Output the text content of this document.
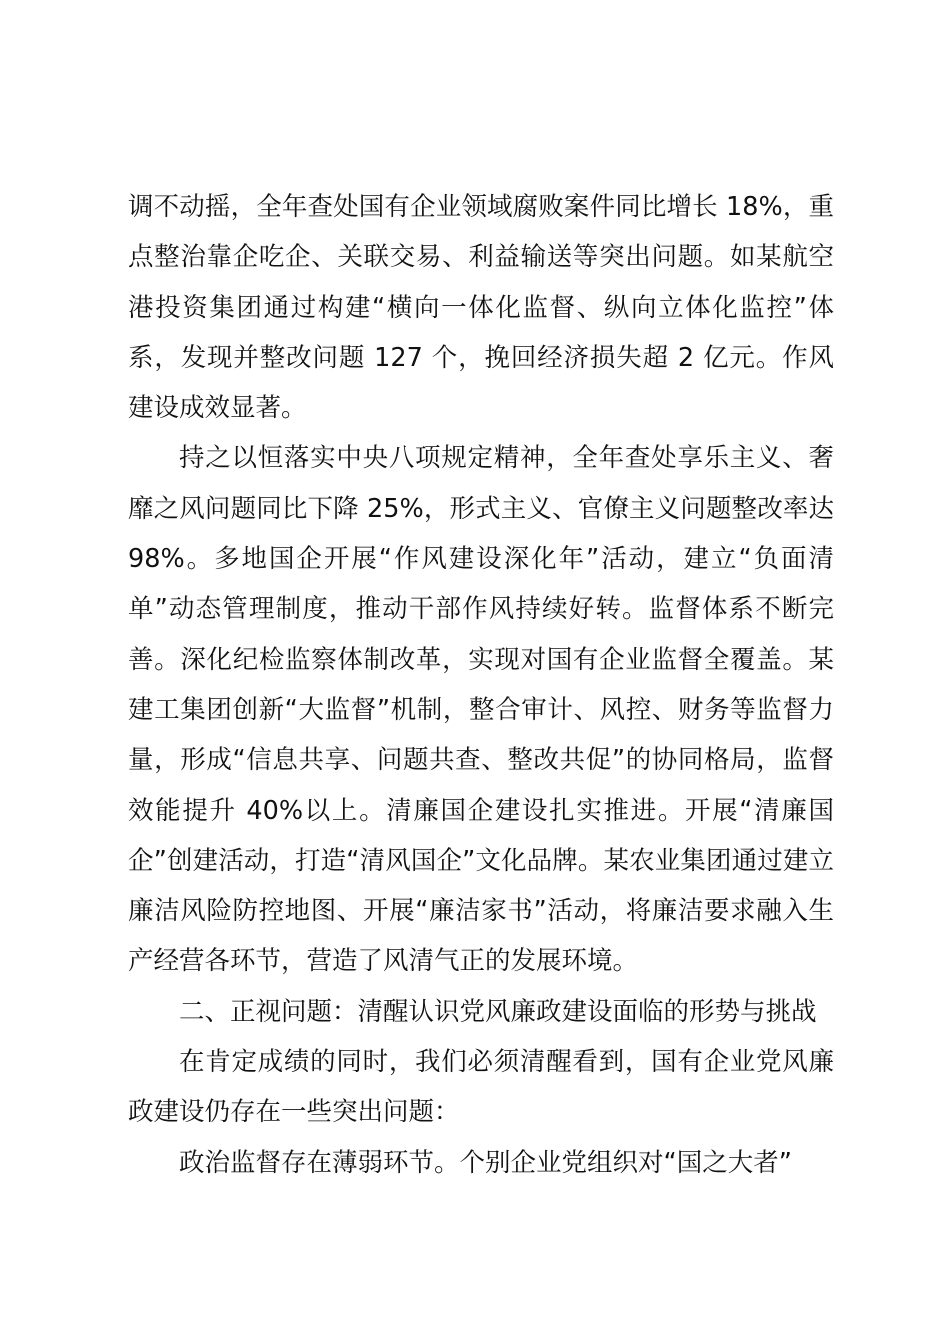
调不动摇，全年查处国有企业领域腐败案件同比增长 18%，重点整治靠企吃企、关联交易、利益输送等突出问题。如某航空港投资集团通过构建“横向一体化监督、纵向立体化监控”体系，发现并整改问题 127 个，挽回经济损失超 2 亿元。作风建设成效显著。

持之以恒落实中央八项规定精神，全年查处享乐主义、奢靡之风问题同比下降 25%，形式主义、官僚主义问题整改率达 98%。多地国企开展“作风建设深化年”活动，建立“负面清单”动态管理制度，推动干部作风持续好转。监督体系不断完善。深化纪检监察体制改革，实现对国有企业监督全覆盖。某建工集团创新“大监督”机制，整合审计、风控、财务等监督力量，形成“信息共享、问题共查、整改共促”的协同格局，监督效能提升 40%以上。清廉国企建设扎实推进。开展“清廉国企”创建活动，打造“清风国企”文化品牌。某农业集团通过建立廉洁风险防控地图、开展“廉洁家书”活动，将廉洁要求融入生产经营各环节，营造了风清气正的发展环境。

二、正视问题：清醒认识党风廉政建设面临的形势与挑战

在肯定成绩的同时，我们必须清醒看到，国有企业党风廉政建设仍存在一些突出问题：

政治监督存在薄弱环节。个别企业党组织对“国之大者”
